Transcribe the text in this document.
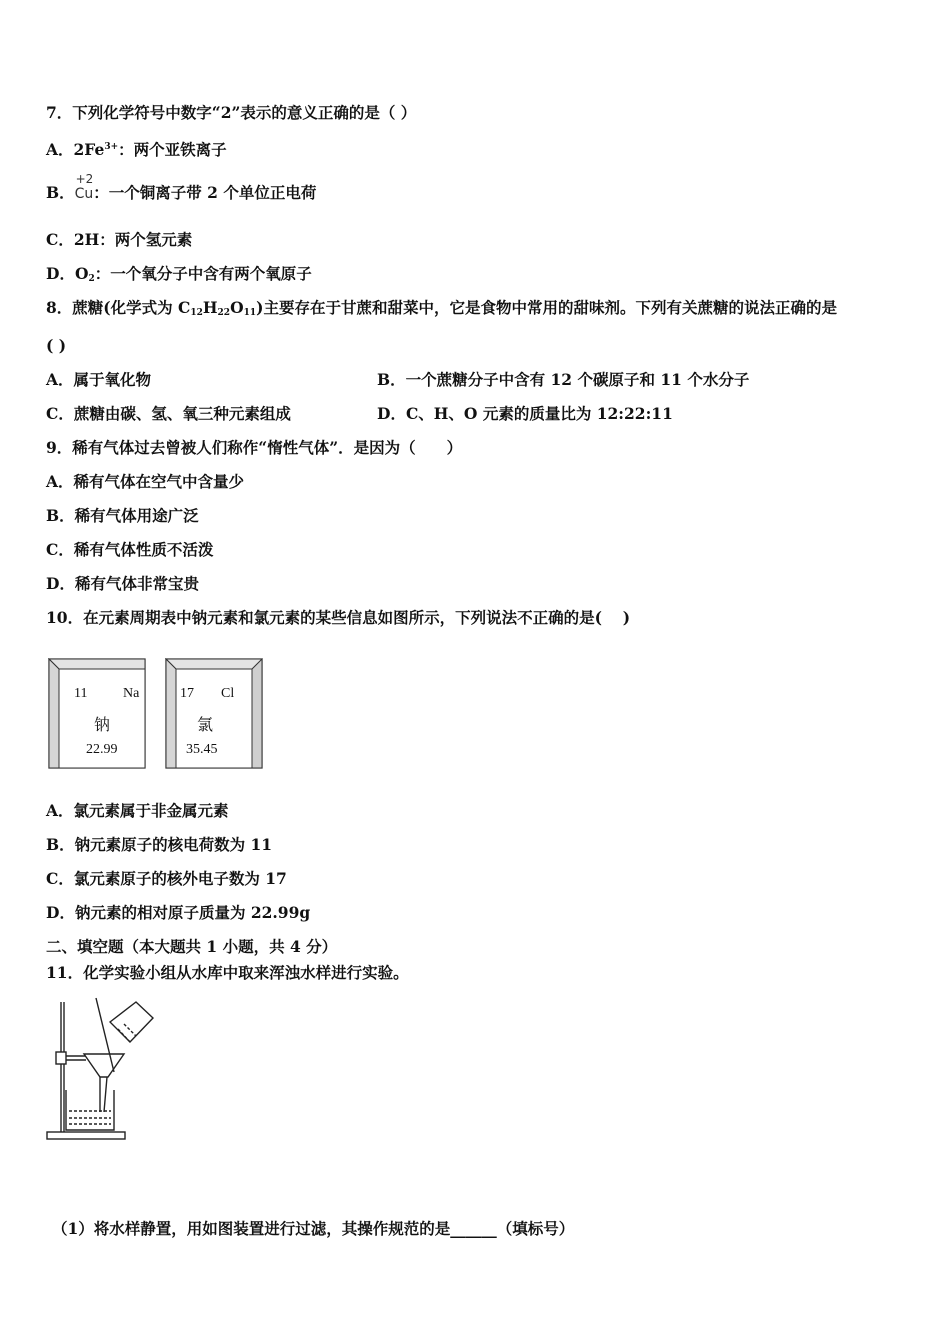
7．下列化学符号中数字“2”表示的意义正确的是（ ）
A．$2Fe^{3+}$：两个亚铁离子
B．
+2
Cu：一个铜离子带 2 个单位正电荷
C．2H：两个氢元素
D．$O_2$：一个氧分子中含有两个氧原子
8．蔗糖(化学式为 $C_{12}H_{22}O_{11}$)主要存在于甘蔗和甜菜中，它是食物中常用的甜味剂。下列有关蔗糖的说法正确的是
( )
A．属于氧化物	B．一个蔗糖分子中含有 12 个碳原子和 11 个水分子
C．蔗糖由碳、氢、氧三种元素组成	D．C、H、O 元素的质量比为 12:22:11
9．稀有气体过去曾被人们称作“惰性气体”．是因为（　　）
A．稀有气体在空气中含量少
B．稀有气体用途广泛
C．稀有气体性质不活泼
D．稀有气体非常宝贵
10．在元素周期表中钠元素和氯元素的某些信息如图所示，下列说法不正确的是(　 )
11	Na
钠
22.99
17 Cl
氯
35.45
A．氯元素属于非金属元素
B．钠元素原子的核电荷数为 11
C．氯元素原子的核外电子数为 17
D．钠元素的相对原子质量为 22.99g
二、填空题（本大题共 1 小题，共 4 分）
11．化学实验小组从水库中取来浑浊水样进行实验。
（1）将水样静置，用如图装置进行过滤，其操作规范的是______（填标号）
